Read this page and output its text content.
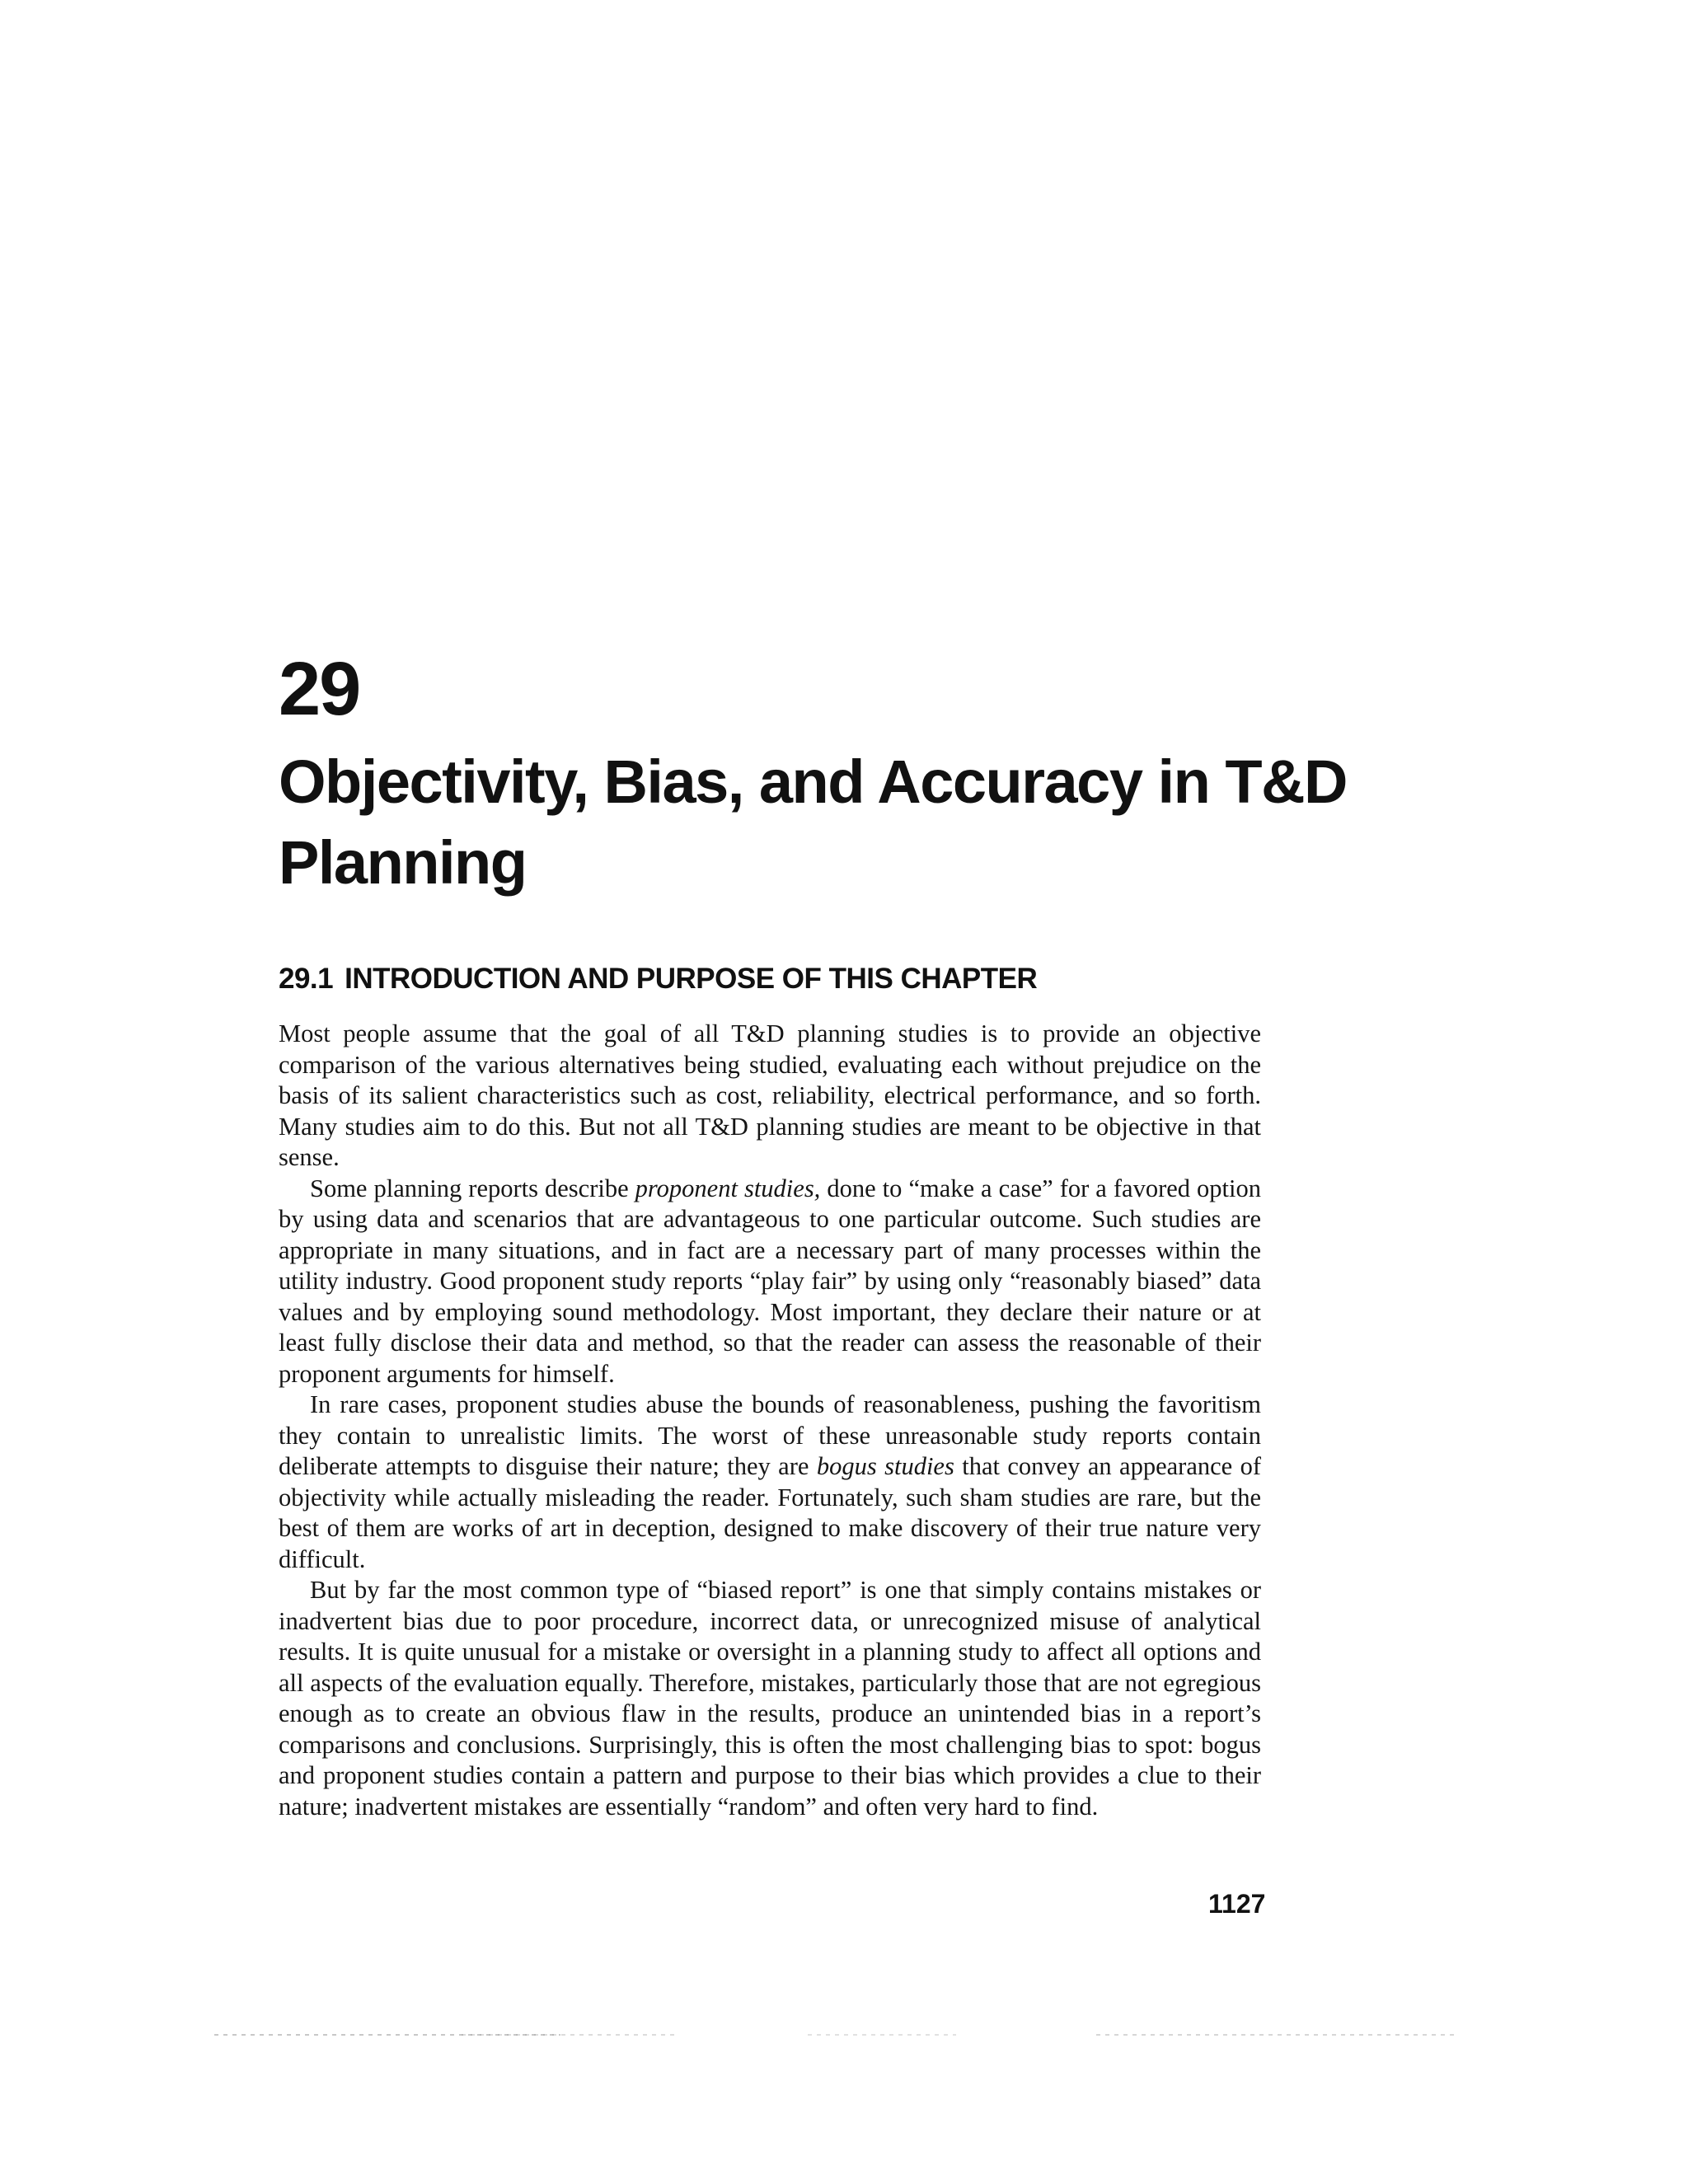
29
Objectivity, Bias, and Accuracy in T&D Planning
29.1 INTRODUCTION AND PURPOSE OF THIS CHAPTER

Most people assume that the goal of all T&D planning studies is to provide an objective comparison of the various alternatives being studied, evaluating each without prejudice on the basis of its salient characteristics such as cost, reliability, electrical performance, and so forth. Many studies aim to do this. But not all T&D planning studies are meant to be objective in that sense.

Some planning reports describe proponent studies, done to “make a case” for a favored option by using data and scenarios that are advantageous to one particular outcome. Such studies are appropriate in many situations, and in fact are a necessary part of many processes within the utility industry. Good proponent study reports “play fair” by using only “reasonably biased” data values and by employing sound methodology. Most important, they declare their nature or at least fully disclose their data and method, so that the reader can assess the reasonable of their proponent arguments for himself.

In rare cases, proponent studies abuse the bounds of reasonableness, pushing the favoritism they contain to unrealistic limits. The worst of these unreasonable study reports contain deliberate attempts to disguise their nature; they are bogus studies that convey an appearance of objectivity while actually misleading the reader. Fortunately, such sham studies are rare, but the best of them are works of art in deception, designed to make discovery of their true nature very difficult.

But by far the most common type of “biased report” is one that simply contains mistakes or inadvertent bias due to poor procedure, incorrect data, or unrecognized misuse of analytical results. It is quite unusual for a mistake or oversight in a planning study to affect all options and all aspects of the evaluation equally. Therefore, mistakes, particularly those that are not egregious enough as to create an obvious flaw in the results, produce an unintended bias in a report’s comparisons and conclusions. Surprisingly, this is often the most challenging bias to spot: bogus and proponent studies contain a pattern and purpose to their bias which provides a clue to their nature; inadvertent mistakes are essentially “random” and often very hard to find.

1127
